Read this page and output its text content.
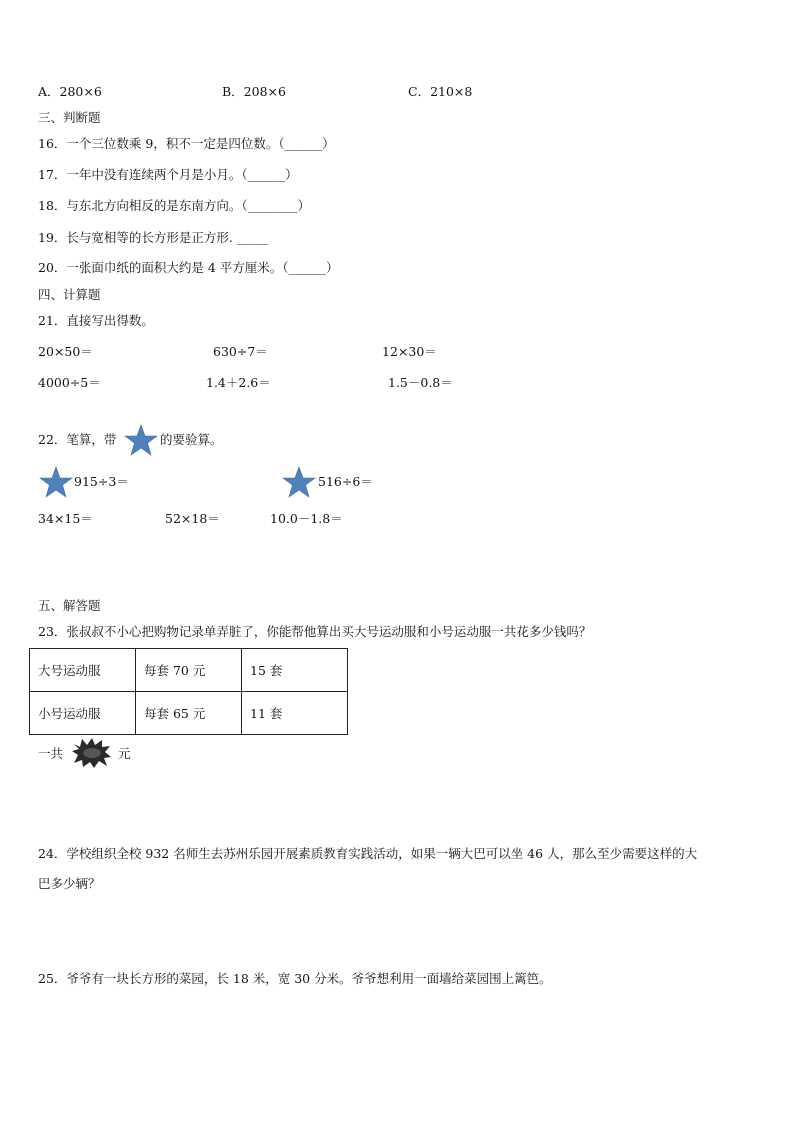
A．280×6	B．208×6	C．210×8
三、判断题
16．一个三位数乘 9，积不一定是四位数。（______）
17．一年中没有连续两个月是小月。（______）
18．与东北方向相反的是东南方向。（________）
19．长与宽相等的长方形是正方形. _____
20．一张面巾纸的面积大约是 4 平方厘米。（______）
四、计算题
21．直接写出得数。
20×50＝	630÷7＝	12×30＝
4000÷5＝	1.4＋2.6＝	1.5－0.8＝
22．笔算，带	的要验算。
915÷3＝	516÷6＝
34×15＝	52×18＝	10.0－1.8＝
五、解答题
23．张叔叔不小心把购物记录单弄脏了，你能帮他算出买大号运动服和小号运动服一共花多少钱吗？
大号运动服	每套 70 元	15 套
小号运动服	每套 65 元	11 套
一共	元
24．学校组织全校 932 名师生去苏州乐园开展素质教育实践活动，如果一辆大巴可以坐 46 人，那么至少需要这样的大
巴多少辆？
25．爷爷有一块长方形的菜园，长 18 米，宽 30 分米。爷爷想利用一面墙给菜园围上篱笆。
